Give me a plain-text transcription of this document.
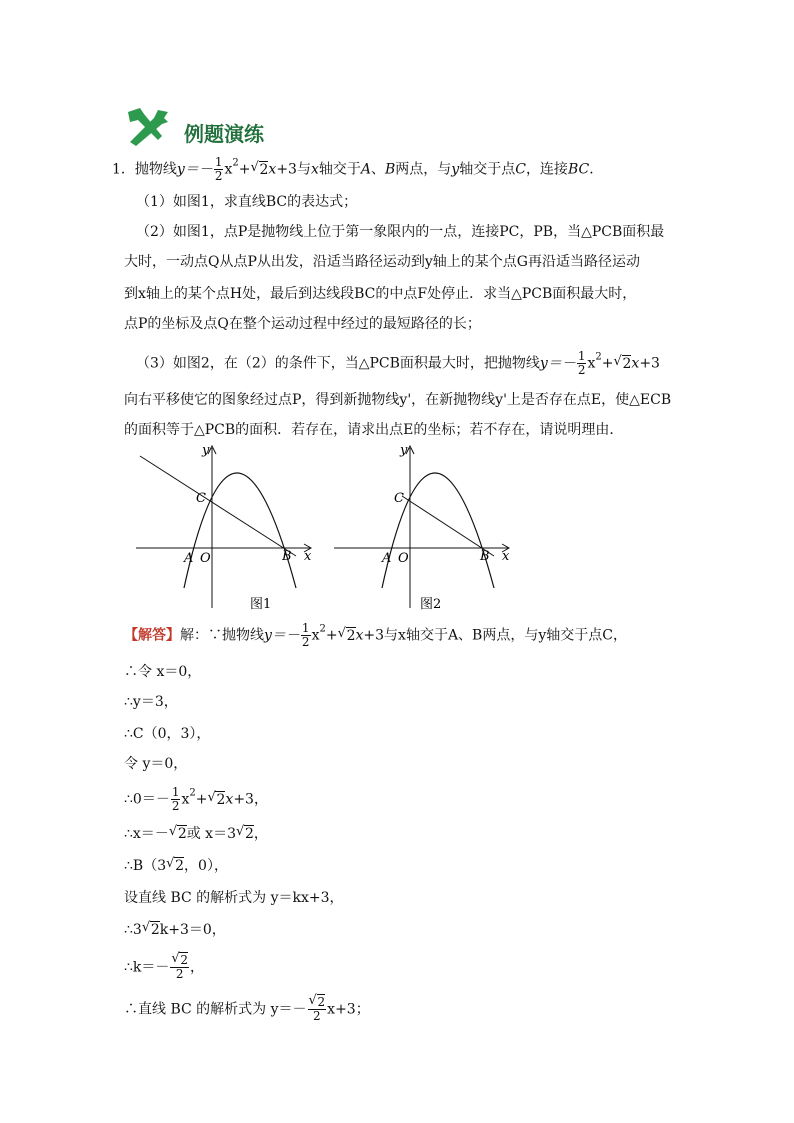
例题演练
1．抛物线$y=- \frac{1}{2} x^2+$ √ 2x+3与x轴交于A、B两点，与y轴交于点C，连接BC．
（1）如图1，求直线BC的表达式；
（2）如图1，点P是抛物线上位于第一象限内的一点，连接PC，PB，当△PCB面积最
大时，一动点Q从点P从出发，沿适当路径运动到y轴上的某个点G再沿适当路径运动
到x轴上的某个点H处，最后到达线段BC的中点F处停止．求当△PCB面积最大时，
点P的坐标及点Q在整个运动过程中经过的最短路径的长；
（3）如图2，在（2）的条件下，当△PCB面积最大时，把抛物线$y=- \frac{1}{2} x^2+$ √ 2x+3
向右平移使它的图象经过点P，得到新抛物线y'，在新抛物线y'上是否存在点E，使△ECB
的面积等于△PCB的面积．若存在，请求出点E的坐标；若不存在，请说明理由．
y
x
C
A O	B
图1
y
x
C
A O	B
图2
【解答】解：∵抛物线$y=- \frac{1}{2} x^2+$ √ 2x+3与x轴交于A、B两点，与y轴交于点C，
∴令 x＝0，
∴y＝3，
∴C（0，3），
令 y＝0，
∴0＝－ $\frac{1}{2} x^2+$ √ 2x+3，
∴x＝－ √ 2或 x＝3 √ 2，
∴B（3 √ 2，0），
设直线 BC 的解析式为 y＝kx+3，
∴3 √ 2k+3＝0，
∴k＝－ $\frac{√ 2}{2}$ ，
∴直线 BC 的解析式为 $y=- \frac{√ 2}{2} x+3$；
